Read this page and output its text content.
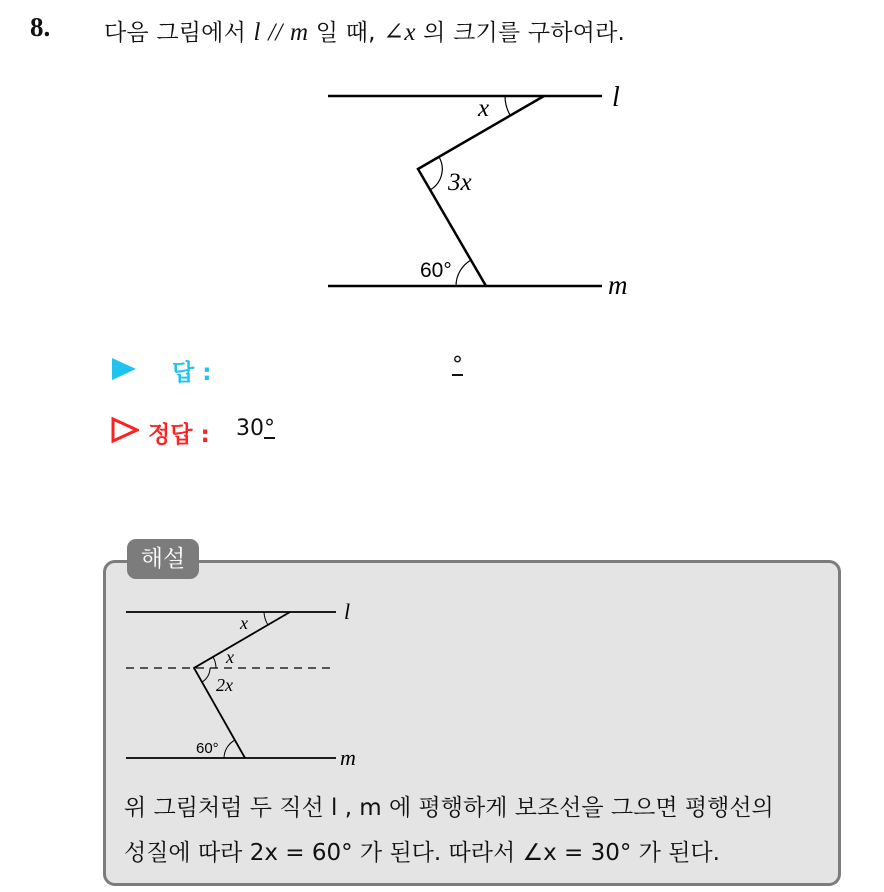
8. 다음 그림에서 l // m 일 때, ∠x 의 크기를 구하여라.
l
m
x
3x
60°
답 :	°
정답 : 30°
해설
l
m
x
x
2x
60°
위 그림처럼 두 직선 l , m 에 평행하게 보조선을 그으면 평행선의
성질에 따라 2x = 60° 가 된다. 따라서 ∠x = 30° 가 된다.
